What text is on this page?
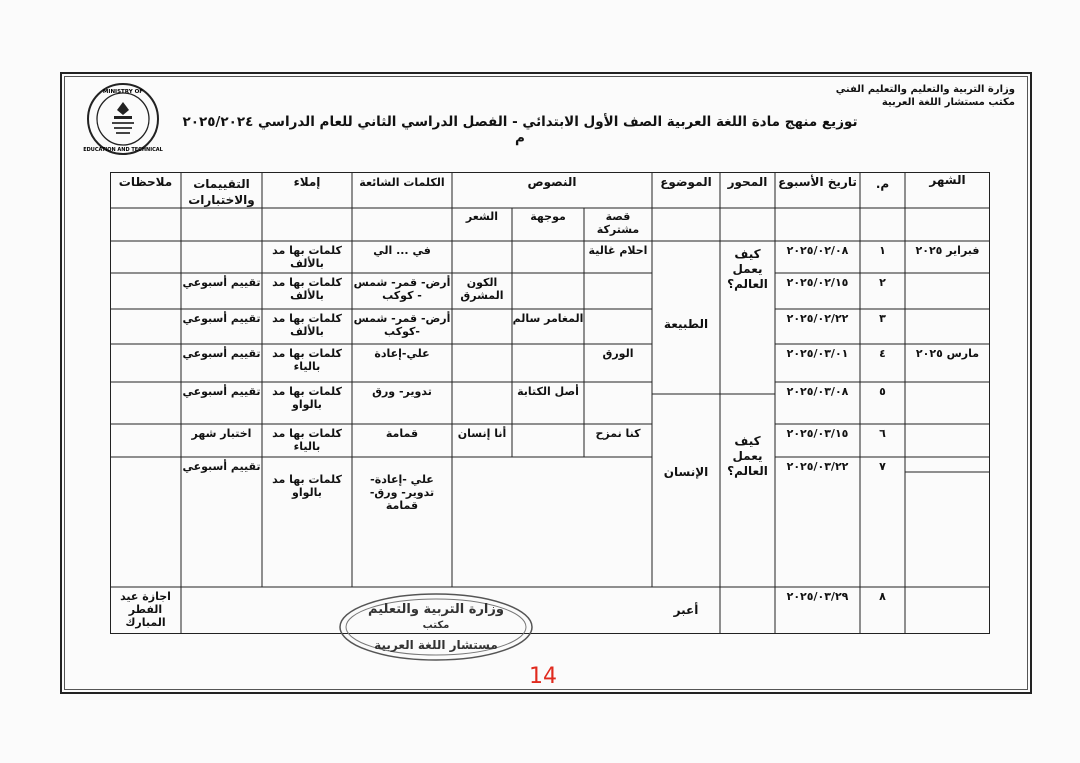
وزارة التربية والتعليم والتعليم الفني
مكتب مستشار اللغة العربية
توزيع منهج مادة اللغة العربية الصف الأول الابتدائي - الفصل الدراسي الثاني للعام الدراسي ٢٠٢٥/٢٠٢٤ م
MINISTRY OF
EDUCATION AND TECHNICAL
الشهر
م.
تاريخ الأسبوع
المحور
الموضوع
النصوص
الكلمات الشائعة
إملاء
التقييمات والاختبارات
ملاحظات
قصة مشتركة
موجهة
الشعر
فبراير ٢٠٢٥
مارس ٢٠٢٥
كيف يعمل العالم؟
كيف يعمل العالم؟
الطبيعة
الإنسان
أعبر
اجازة عيد الفطر المبارك
١
٢٠٢٥/٠٢/٠٨
احلام غالية
في ... الي
كلمات بها مد بالألف
٢
٢٠٢٥/٠٢/١٥
الكون المشرق
أرض- قمر- شمس - كوكب
كلمات بها مد بالألف
تقييم أسبوعي
٣
٢٠٢٥/٠٢/٢٢
المغامر سالم
أرض- قمر- شمس -كوكب
كلمات بها مد بالألف
تقييم أسبوعي
٤
٢٠٢٥/٠٣/٠١
الورق
علي-إعادة
كلمات بها مد بالياء
تقييم أسبوعي
٥
٢٠٢٥/٠٣/٠٨
أصل الكتابة
تدوير- ورق
كلمات بها مد بالواو
تقييم أسبوعي
٦
٢٠٢٥/٠٣/١٥
كنا نمزح
أنا إنسان
قمامة
كلمات بها مد بالياء
اختبار شهر
٧
٢٠٢٥/٠٣/٢٢
علي -إعادة- تدوير- ورق- قمامة
كلمات بها مد بالواو
تقييم أسبوعي
٨
٢٠٢٥/٠٣/٢٩
وزارة التربية والتعليم
مكتب
مستشار اللغة العربية
14
